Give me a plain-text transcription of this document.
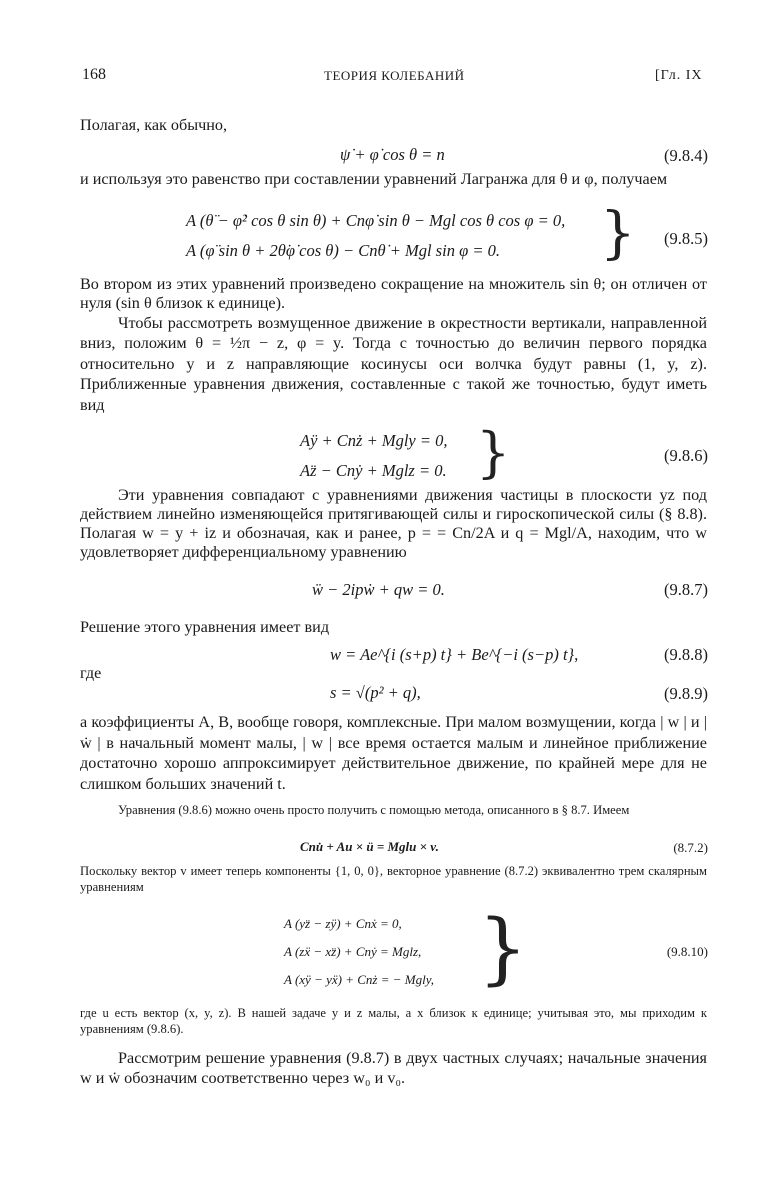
168	ТЕОРИЯ КОЛЕБАНИЙ	[Гл. IX
Полагая, как обычно,
ψ̇ + φ̇ cos θ = n	(9.8.4)
и используя это равенство при составлении уравнений Лагранжа для θ и φ, получаем
A (θ̈ − φ̇² cos θ sin θ) + Cnφ̇ sin θ − Mgl cos θ cos φ = 0,
A (φ̈ sin θ + 2θ̇φ̇ cos θ) − Cnθ̇ + Mgl sin φ = 0. }	(9.8.5)
Во втором из этих уравнений произведено сокращение на множитель sin θ; он отличен от нуля (sin θ близок к единице).
Чтобы рассмотреть возмущенное движение в окрестности вертикали, направленной вниз, положим θ = ½π − z, φ = y. Тогда с точностью до величин первого порядка относительно y и z направляющие косинусы оси волчка будут равны (1, y, z). Приближенные уравнения движения, составленные с такой же точностью, будут иметь вид
Aÿ + Cnż + Mgly = 0,
Az̈ − Cnẏ + Mglz = 0. }	(9.8.6)
Эти уравнения совпадают с уравнениями движения частицы в плоскости yz под действием линейно изменяющейся притягивающей силы и гироскопической силы (§ 8.8). Полагая w = y + iz и обозначая, как и ранее, p = = Cn/2A и q = Mgl/A, находим, что w удовлетворяет дифференциальному уравнению
ẅ − 2ipẇ + qw = 0.	(9.8.7)
Решение этого уравнения имеет вид
w = Ae^{i (s+p) t} + Be^{−i (s−p) t},	(9.8.8)
где
s = √(p² + q),	(9.8.9)
а коэффициенты A, B, вообще говоря, комплексные. При малом возмущении, когда | w | и | ẇ | в начальный момент малы, | w | все время остается малым и линейное приближение достаточно хорошо аппроксимирует действительное движение, по крайней мере для не слишком больших значений t.
Уравнения (9.8.6) можно очень просто получить с помощью метода, описанного в § 8.7. Имеем
Cnu̇ + Au × ü = Mglu × v.	(8.7.2)
Поскольку вектор v имеет теперь компоненты {1, 0, 0}, векторное уравнение (8.7.2) эквивалентно трем скалярным уравнениям
A (yz̈ − zÿ) + Cnẋ = 0,
A (zẍ − xz̈) + Cnẏ = Mglz,
A (xÿ − yẍ) + Cnż = − Mgly, }	(9.8.10)
где u есть вектор (x, y, z). В нашей задаче y и z малы, а x близок к единице; учитывая это, мы приходим к уравнениям (9.8.6).
Рассмотрим решение уравнения (9.8.7) в двух частных случаях; начальные значения w и ẇ обозначим соответственно через w₀ и v₀.
